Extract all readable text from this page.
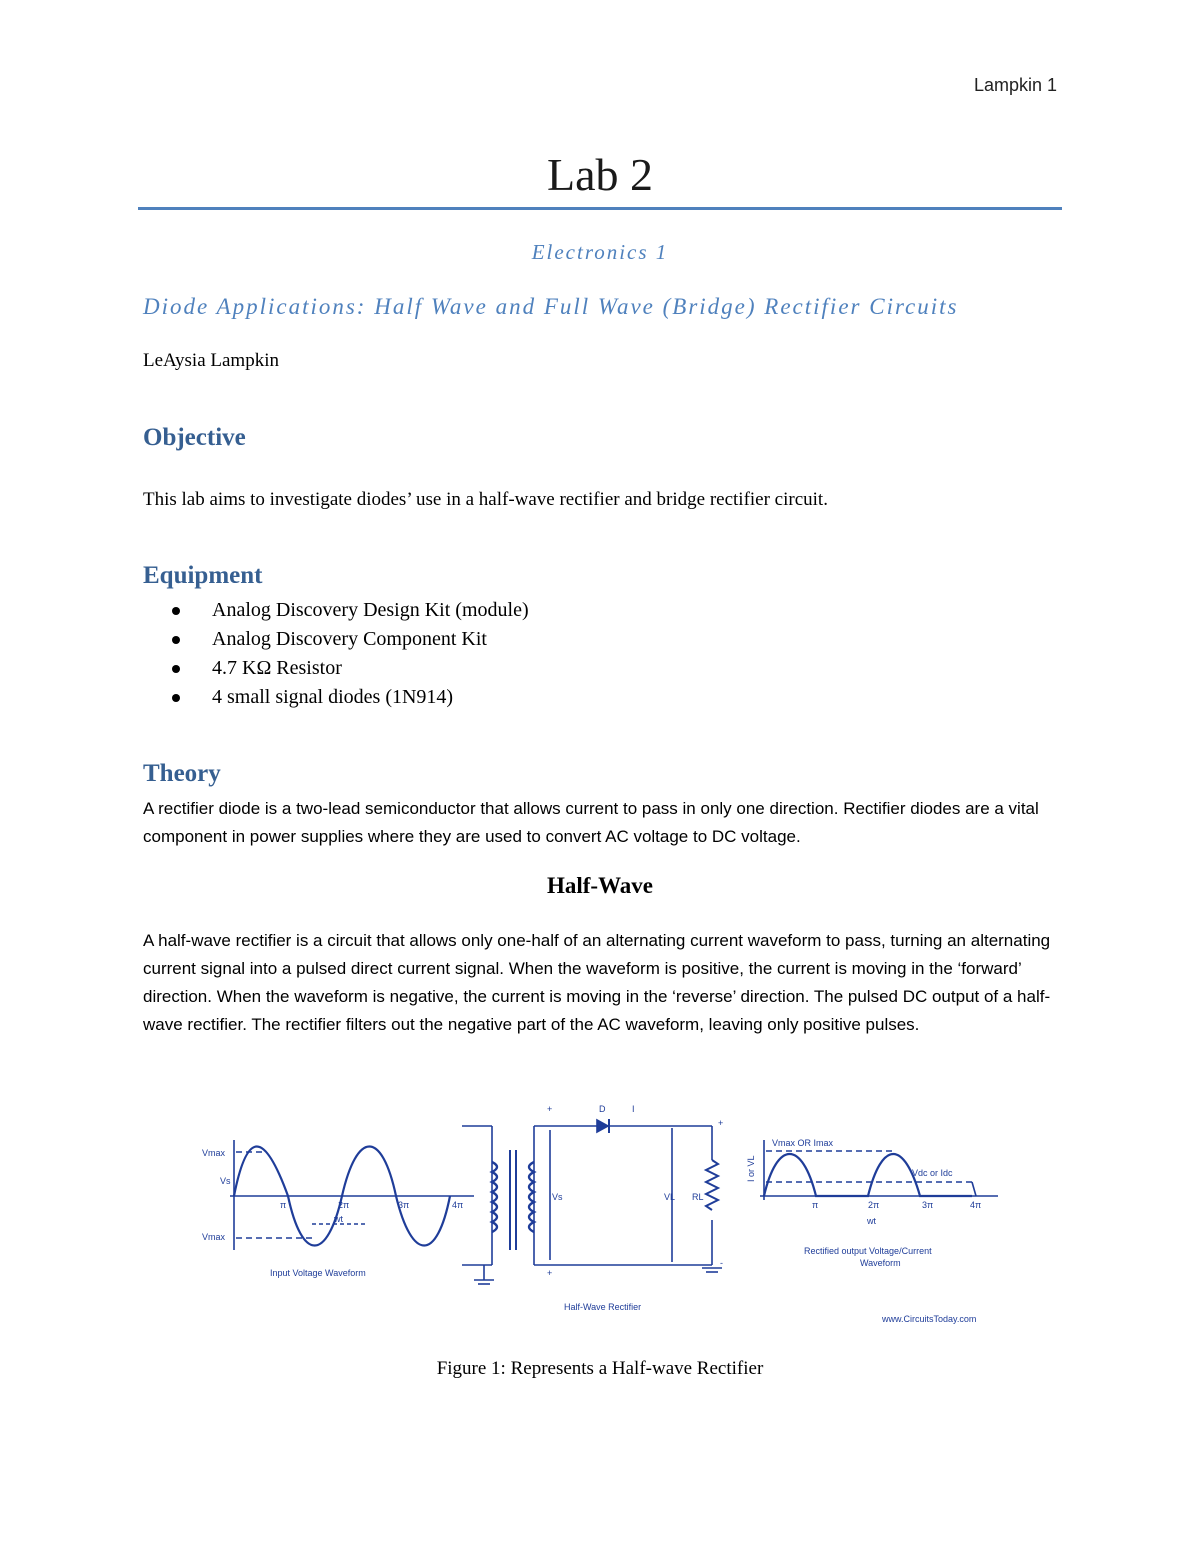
Lampkin 1
Lab 2
Electronics 1
Diode Applications: Half Wave and Full Wave (Bridge) Rectifier Circuits
LeAysia Lampkin
Objective
This lab aims to investigate diodes’ use in a half-wave rectifier and bridge rectifier circuit.
Equipment
Analog Discovery Design Kit (module)
Analog Discovery Component Kit
4.7 KΩ Resistor
4 small signal diodes (1N914)
Theory
A rectifier diode is a two-lead semiconductor that allows current to pass in only one direction. Rectifier diodes are a vital component in power supplies where they are used to convert AC voltage to DC voltage.
Half-Wave
A half-wave rectifier is a circuit that allows only one-half of an alternating current waveform to pass, turning an alternating current signal into a pulsed direct current signal. When the waveform is positive, the current is moving in the ‘forward’ direction. When the waveform is negative, the current is moving in the ‘reverse’ direction. The pulsed DC output of a half-wave rectifier. The rectifier filters out the negative part of the AC waveform, leaving only positive pulses.
Vmax
Vs
Vmax
wt
π	2π	3π	4π
Input Voltage Waveform
+	D	I
+
Vs	VL RL
+
-
Half-Wave Rectifier
Vmax OR Imax
Vdc or Idc
I or VL
wt
π	2π	3π	4π
Rectified output Voltage/Current
Waveform
www.CircuitsToday.com
Figure 1: Represents a Half-wave Rectifier
